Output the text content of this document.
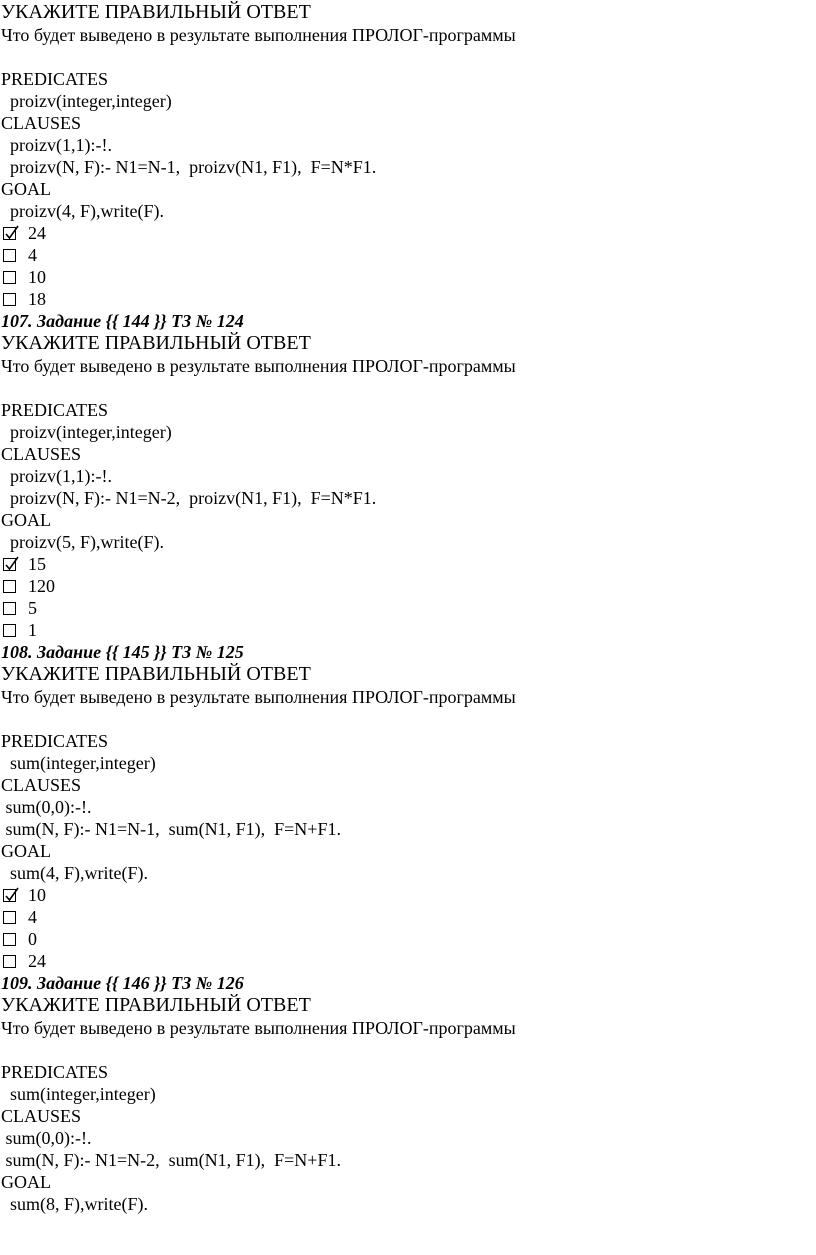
УКАЖИТЕ ПРАВИЛЬНЫЙ ОТВЕТ
Что будет выведено в результате выполнения ПРОЛОГ-программы
PREDICATES
proizv(integer,integer)
CLAUSES
proizv(1,1):-!.
proizv(N, F):- N1=N-1,  proizv(N1, F1),  F=N*F1.
GOAL
proizv(4, F),write(F).
24
4
10
18
107. Задание {{ 144 }} ТЗ № 124
УКАЖИТЕ ПРАВИЛЬНЫЙ ОТВЕТ
Что будет выведено в результате выполнения ПРОЛОГ-программы
PREDICATES
proizv(integer,integer)
CLAUSES
proizv(1,1):-!.
proizv(N, F):- N1=N-2,  proizv(N1, F1),  F=N*F1.
GOAL
proizv(5, F),write(F).
15
120
5
1
108. Задание {{ 145 }} ТЗ № 125
УКАЖИТЕ ПРАВИЛЬНЫЙ ОТВЕТ
Что будет выведено в результате выполнения ПРОЛОГ-программы
PREDICATES
sum(integer,integer)
CLAUSES
sum(0,0):-!.
sum(N, F):- N1=N-1,  sum(N1, F1),  F=N+F1.
GOAL
sum(4, F),write(F).
10
4
0
24
109. Задание {{ 146 }} ТЗ № 126
УКАЖИТЕ ПРАВИЛЬНЫЙ ОТВЕТ
Что будет выведено в результате выполнения ПРОЛОГ-программы
PREDICATES
sum(integer,integer)
CLAUSES
sum(0,0):-!.
sum(N, F):- N1=N-2,  sum(N1, F1),  F=N+F1.
GOAL
sum(8, F),write(F).
